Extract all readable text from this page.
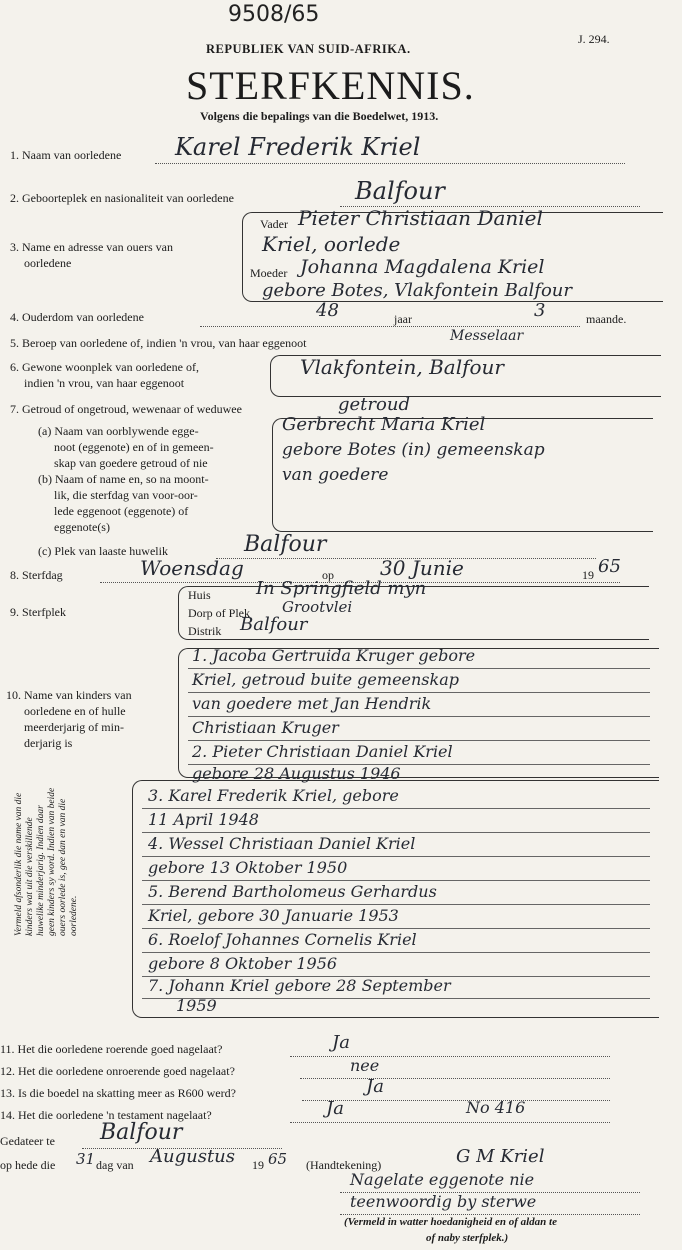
9508/65
J. 294.
REPUBLIEK VAN SUID-AFRIKA.
STERFKENNIS.
Volgens die bepalings van die Boedelwet, 1913.
1. Naam van oorledene Karel Frederik Kriel
2. Geboorteplek en nasionaliteit van oorledene	Balfour
3. Name en adresse van ouers van
oorledene
Vader Pieter Christiaan Daniel
Kriel, oorlede
Moeder Johanna Magdalena Kriel
gebore Botes, Vlakfontein Balfour
4. Ouderdom van oorledene	48	jaar	3	maande.
5. Beroep van oorledene of, indien 'n vrou, van haar eggenoot	Messelaar
6. Gewone woonplek van oorledene of,
indien 'n vrou, van haar eggenoot
Vlakfontein, Balfour
7. Getroud of ongetroud, wewenaar of weduwee	getroud
(a) Naam van oorblywende egge-
noot (eggenote) en of in gemeen-
skap van goedere getroud of nie
(b) Naam of name en, so na moont-
lik, die sterfdag van voor-oor-
lede eggenoot (eggenote) of
eggenote(s)
Gerbrecht Maria Kriel
gebore Botes (in) gemeenskap
van goedere
(c) Plek van laaste huwelik	Balfour
8. Sterfdag	Woensdag	op 30 Junie	19 65
9. Sterfplek
Huis	In Springfield myn
Dorp of Plek Grootvlei
Distrik Balfour
10. Name van kinders van
oorledene en of hulle
meerderjarig of min-
derjarig is
Vermeld afsonderlik die name van die kinders wat uit die verskillende huwelike minderjarig. Indien daar geen kinders sy word. Indien van beide ouers oorlede is, gee dan en van die oorledene.
1. Jacoba Gertruida Kruger gebore
Kriel, getroud buite gemeenskap
van goedere met Jan Hendrik
Christiaan Kruger
2. Pieter Christiaan Daniel Kriel
gebore 28 Augustus 1946
3. Karel Frederik Kriel, gebore
11 April 1948
4. Wessel Christiaan Daniel Kriel
gebore 13 Oktober 1950
5. Berend Bartholomeus Gerhardus
Kriel, gebore 30 Januarie 1953
6. Roelof Johannes Cornelis Kriel
gebore 8 Oktober 1956
7. Johann Kriel gebore 28 September
1959
11. Het die oorledene roerende goed nagelaat?	Ja
12. Het die oorledene onroerende goed nagelaat?	nee
13. Is die boedel na skatting meer as R600 werd?	Ja
14. Het die oorledene 'n testament nagelaat?	Ja	No 416
Gedateer te Balfour
op hede die 31 dag van Augustus 19 65 (Handtekening)	G M Kriel
Nagelate eggenote nie
teenwoordig by sterwe
(Vermeld in watter hoedanigheid en of aldan te
of naby sterfplek.)
